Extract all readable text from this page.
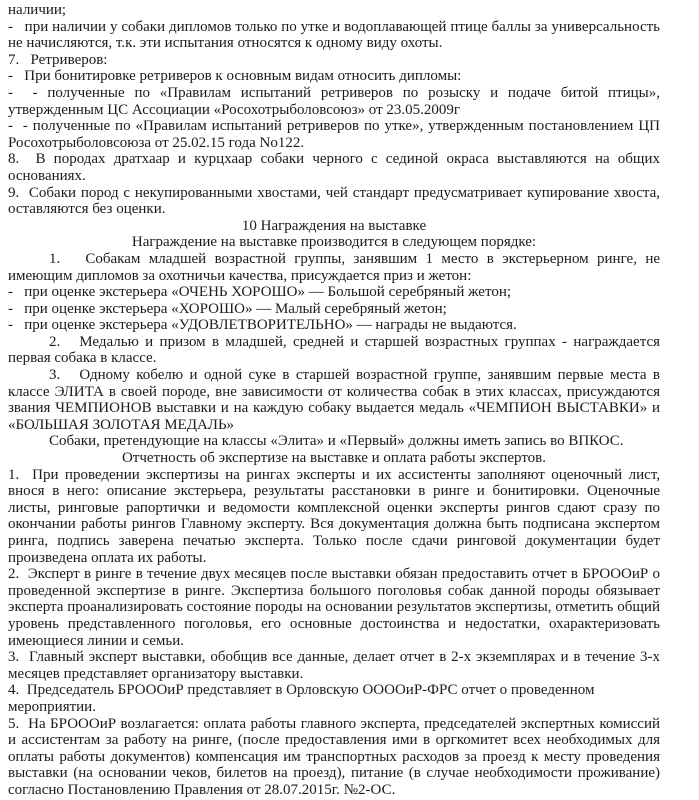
наличии;

-   при наличии у собаки дипломов только по утке и водоплавающей птице баллы за универсальность не начисляются, т.к. эти испытания относятся к одному виду охоты.

7.   Ретриверов:

-   При бонитировке ретриверов к основным видам относить дипломы:

-  - полученные по «Правилам испытаний ретриверов по розыску и подаче битой птицы», утвержденным ЦС Ассоциации «Росохотрыболовсоюз» от 23.05.2009г

-  - полученные по «Правилам испытаний ретриверов по утке», утвержденным постановлением ЦП Росохотрыболовсоюза от 25.02.15 года No122.

8.  В породах дратхаар и курцхаар собаки черного с сединой окраса выставляются на общих основаниях.

9.  Собаки пород с некупированными хвостами, чей стандарт предусматривает купирование хвоста, оставляются без оценки.

10 Награждения на выставке

Награждение на выставке производится в следующем порядке:

1.   Собакам младшей возрастной группы, занявшим 1 место в экстерьерном ринге, не имеющим дипломов за охотничьи качества, присуждается приз и жетон:

-   при оценке экстерьера «ОЧЕНЬ ХОРОШО» — Большой серебряный жетон;

-   при оценке экстерьера «ХОРОШО» — Малый серебряный жетон;

-   при оценке экстерьера «УДОВЛЕТВОРИТЕЛЬНО» — награды не выдаются.

2.   Медалью и призом в младшей, средней и старшей возрастных группах - награждается первая собака в классе.

3.   Одному кобелю и одной суке в старшей возрастной группе, занявшим первые места в классе ЭЛИТА в своей породе, вне зависимости от количества собак в этих классах, присуждаются звания ЧЕМПИОНОВ выставки и на каждую собаку выдается медаль «ЧЕМПИОН ВЫСТАВКИ» и «БОЛЬШАЯ ЗОЛОТАЯ МЕДАЛЬ»

Собаки, претендующие на классы «Элита» и «Первый» должны иметь запись во ВПКОС.

Отчетность об экспертизе на выставке и оплата работы экспертов.

1.  При проведении экспертизы на рингах эксперты и их ассистенты заполняют оценочный лист, внося в него: описание экстерьера, результаты расстановки в ринге и бонитировки. Оценочные листы, ринговые рапортички и ведомости комплексной оценки эксперты рингов сдают сразу по окончании работы рингов Главному эксперту. Вся документация должна быть подписана экспертом ринга, подпись заверена печатью эксперта. Только после сдачи ринговой документации будет произведена оплата их работы.

2.  Эксперт в ринге в течение двух месяцев после выставки обязан предоставить отчет в БРОООиР о проведенной экспертизе в ринге. Экспертиза большого поголовья собак данной породы обязывает эксперта проанализировать состояние породы на основании результатов экспертизы, отметить общий уровень представленного поголовья, его основные достоинства и недостатки, охарактеризовать имеющиеся линии и семьи.

3.  Главный эксперт выставки, обобщив все данные, делает отчет в 2-х экземплярах и в течение 3-х месяцев представляет организатору выставки.

4.  Председатель БРОООиР представляет в Орловскую ООООиР-ФРС отчет о проведенном мероприятии.

5.  На БРОООиР возлагается: оплата работы главного эксперта, председателей экспертных комиссий и ассистентам за работу на ринге, (после предоставления ими в оргкомитет всех необходимых для оплаты работы документов) компенсация им транспортных расходов за проезд к месту проведения выставки (на основании чеков, билетов на проезд), питание (в случае необходимости проживание) согласно Постановлению Правления от 28.07.2015г. №2-ОС.
